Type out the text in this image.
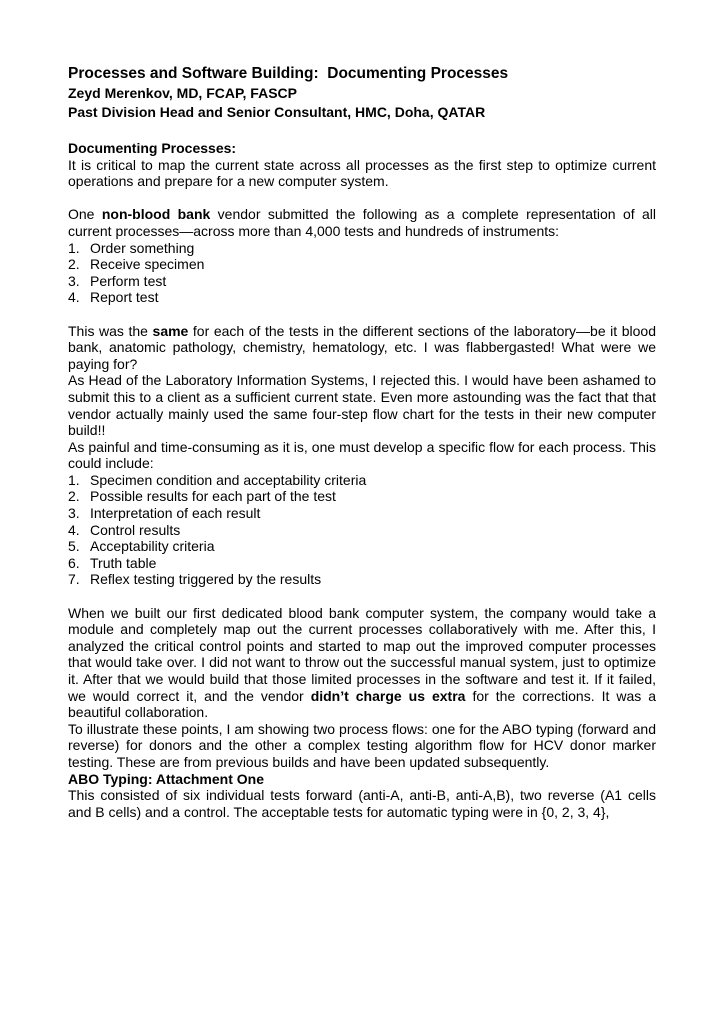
Processes and Software Building:  Documenting Processes
Zeyd Merenkov, MD, FCAP, FASCP
Past Division Head and Senior Consultant, HMC, Doha, QATAR
Documenting Processes:

It is critical to map the current state across all processes as the first step to optimize current operations and prepare for a new computer system.

One non-blood bank vendor submitted the following as a complete representation of all current processes—across more than 4,000 tests and hundreds of instruments:

1. Order something
2. Receive specimen
3. Perform test
4. Report test

This was the same for each of the tests in the different sections of the laboratory—be it blood bank, anatomic pathology, chemistry, hematology, etc. I was flabbergasted! What were we paying for?

As Head of the Laboratory Information Systems, I rejected this. I would have been ashamed to submit this to a client as a sufficient current state. Even more astounding was the fact that that vendor actually mainly used the same four-step flow chart for the tests in their new computer build!!

As painful and time-consuming as it is, one must develop a specific flow for each process. This could include:

1. Specimen condition and acceptability criteria
2. Possible results for each part of the test
3. Interpretation of each result
4. Control results
5. Acceptability criteria
6. Truth table
7. Reflex testing triggered by the results

When we built our first dedicated blood bank computer system, the company would take a module and completely map out the current processes collaboratively with me. After this, I analyzed the critical control points and started to map out the improved computer processes that would take over. I did not want to throw out the successful manual system, just to optimize it. After that we would build that those limited processes in the software and test it. If it failed, we would correct it, and the vendor didn’t charge us extra for the corrections. It was a beautiful collaboration.

To illustrate these points, I am showing two process flows: one for the ABO typing (forward and reverse) for donors and the other a complex testing algorithm flow for HCV donor marker testing. These are from previous builds and have been updated subsequently.

ABO Typing: Attachment One

This consisted of six individual tests forward (anti-A, anti-B, anti-A,B), two reverse (A1 cells and B cells) and a control. The acceptable tests for automatic typing were in {0, 2, 3, 4},
